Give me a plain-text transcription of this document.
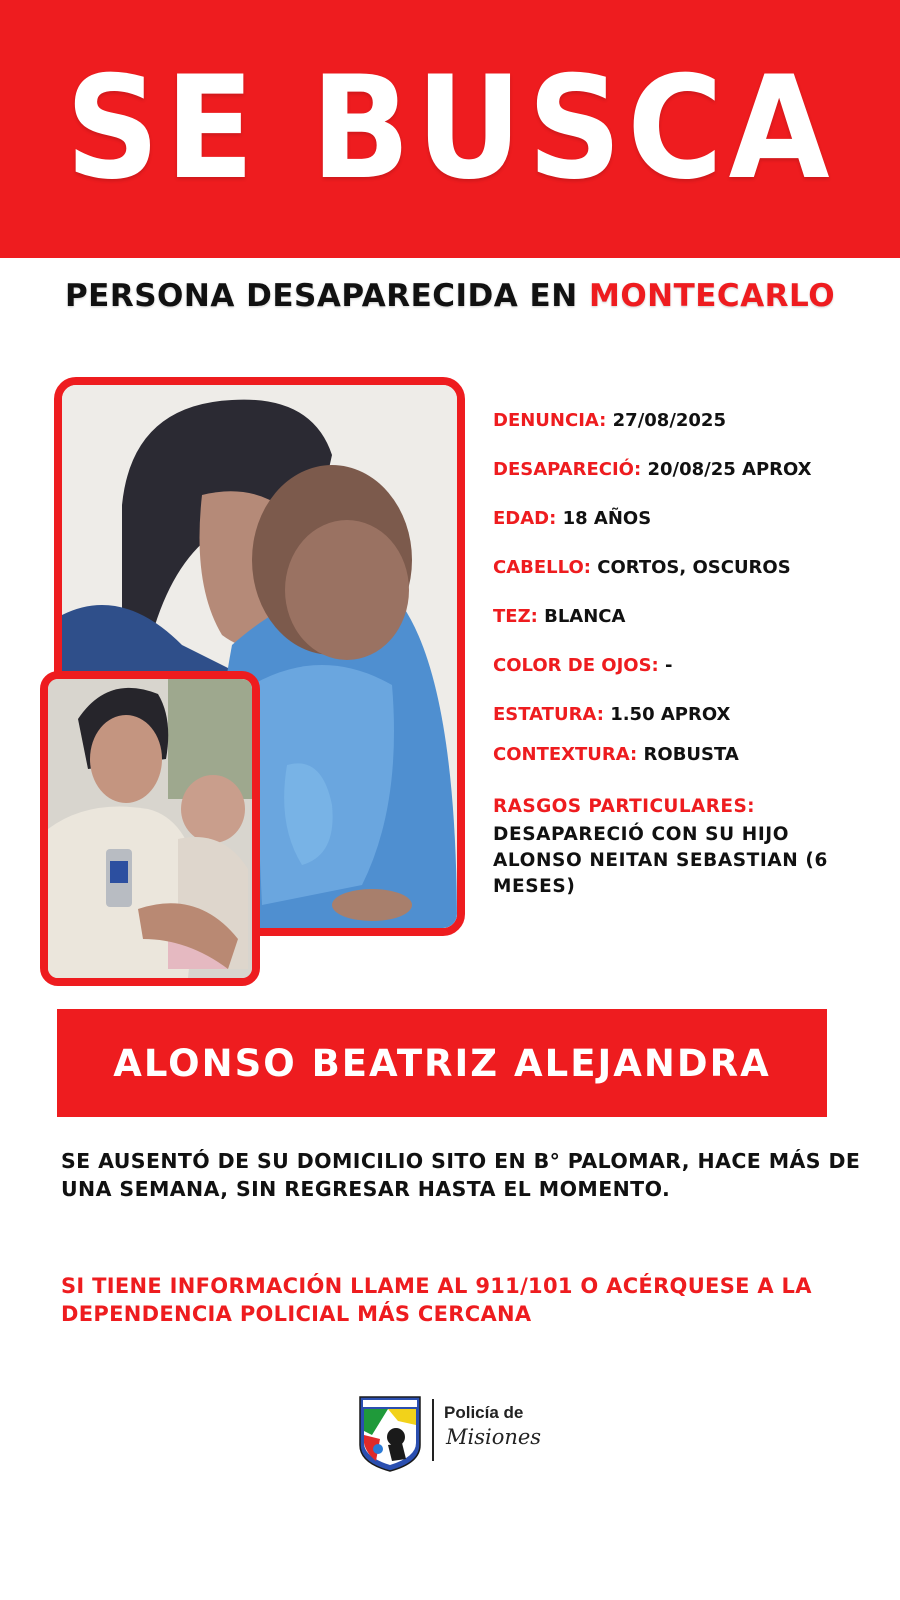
SE BUSCA
PERSONA DESAPARECIDA EN MONTECARLO
DENUNCIA: 27/08/2025
DESAPARECIÓ: 20/08/25 APROX
EDAD: 18 AÑOS
CABELLO: CORTOS, OSCUROS
TEZ: BLANCA
COLOR DE OJOS: -
ESTATURA: 1.50 APROX
CONTEXTURA: ROBUSTA
RASGOS PARTICULARES:
DESAPARECIÓ CON SU HIJO ALONSO NEITAN SEBASTIAN (6 MESES)
ALONSO BEATRIZ ALEJANDRA
SE AUSENTÓ DE SU DOMICILIO SITO EN B° PALOMAR, HACE MÁS DE UNA SEMANA, SIN REGRESAR HASTA EL MOMENTO.
SI TIENE INFORMACIÓN LLAME AL 911/101 O ACÉRQUESE A LA DEPENDENCIA POLICIAL MÁS CERCANA
Policía de
Misiones
